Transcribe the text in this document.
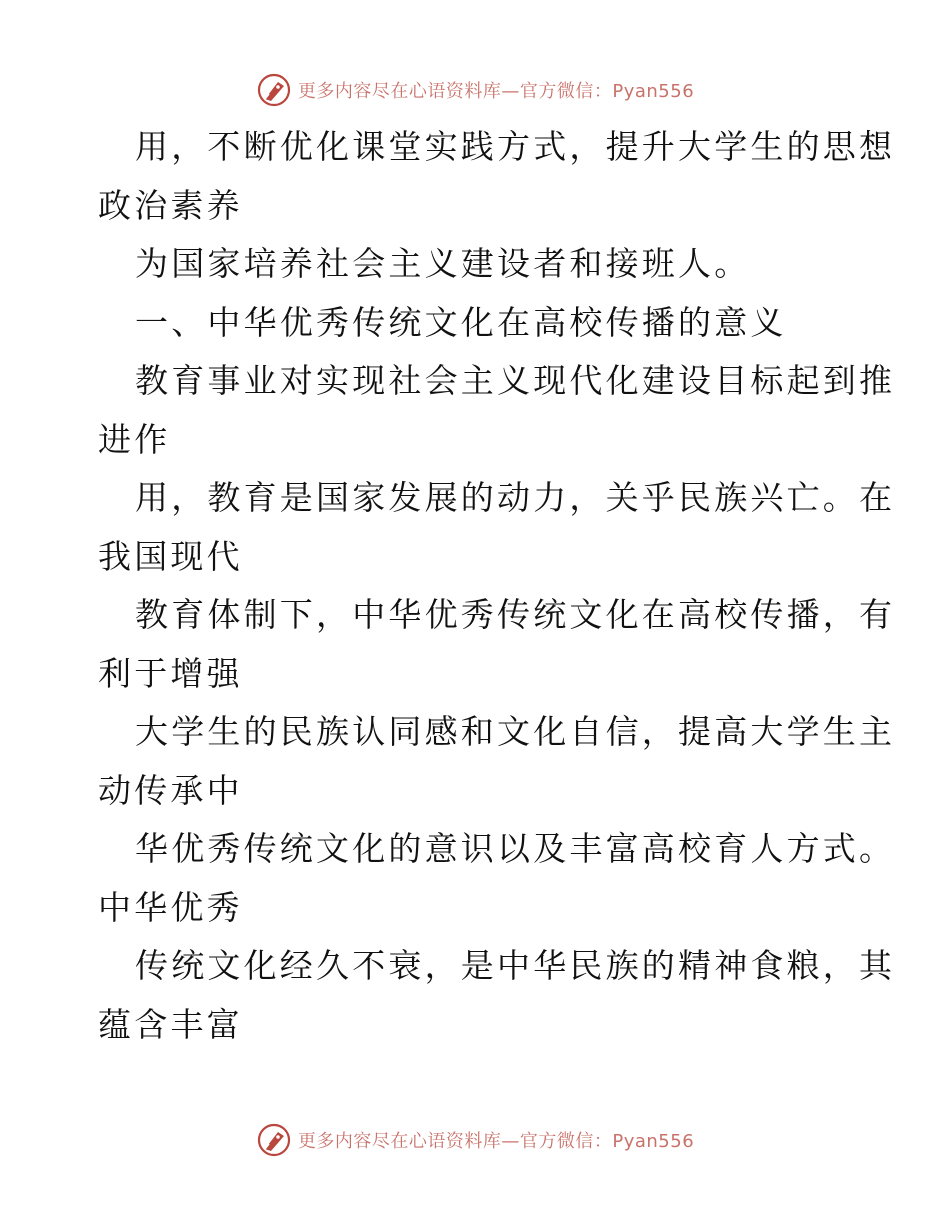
更多内容尽在心语资料库—官方微信：Pyan556
用，不断优化课堂实践方式，提升大学生的思想
政治素养
为国家培养社会主义建设者和接班人。
一、中华优秀传统文化在高校传播的意义
教育事业对实现社会主义现代化建设目标起到推
进作
用，教育是国家发展的动力，关乎民族兴亡。在
我国现代
教育体制下，中华优秀传统文化在高校传播，有
利于增强
大学生的民族认同感和文化自信，提高大学生主
动传承中
华优秀传统文化的意识以及丰富高校育人方式。
中华优秀
传统文化经久不衰，是中华民族的精神食粮，其
蕴含丰富
更多内容尽在心语资料库—官方微信：Pyan556
